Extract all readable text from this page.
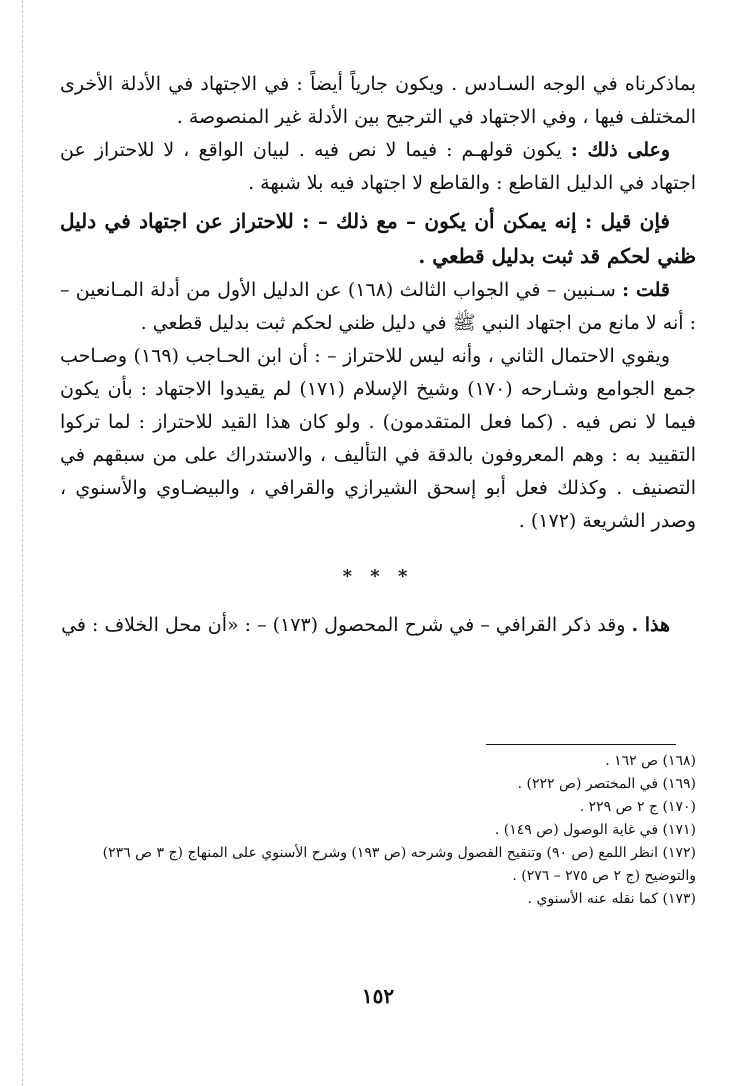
بماذكرناه في الوجه السـادس . ويكون جارياً أيضاً : في الاجتهاد في الأدلة الأخرى المختلف فيها ، وفي الاجتهاد في الترجيح بين الأدلة غير المنصوصة .

وعلى ذلك : يكون قولهـم : فيما لا نص فيه . لبيان الواقع ، لا للاحتراز عن اجتهاد في الدليل القاطع : والقاطع لا اجتهاد فيه بلا شبهة .

فإن قيل : إنه يمكن أن يكون – مع ذلك – : للاحتراز عن اجتهاد في دليل ظني لحكم قد ثبت بدليل قطعي .

قلت : سـنبين – في الجواب الثالث (١٦٨) عن الدليل الأول من أدلة المـانعين – : أنه لا مانع من اجتهاد النبي ﷺ في دليل ظني لحكم ثبت بدليل قطعي .

ويقوي الاحتمال الثاني ، وأنه ليس للاحتراز – : أن ابن الحـاجب (١٦٩) وصـاحب جمع الجوامع وشـارحه (١٧٠) وشيخ الإسلام (١٧١) لم يقيدوا الاجتهاد : بأن يكون فيما لا نص فيه . (كما فعل المتقدمون) . ولو كان هذا القيد للاحتراز : لما تركوا التقييد به : وهم المعروفون بالدقة في التأليف ، والاستدراك على من سبقهم في التصنيف . وكذلك فعل أبو إسحق الشيرازي والقرافي ، والبيضـاوي والأسنوي ، وصدر الشريعة (١٧٢) .

* * *

هذا . وقد ذكر القرافي – في شرح المحصول (١٧٣) – : «أن محل الخلاف : في

(١٦٨) ص ١٦٢ .

(١٦٩) في المختصر (ص ٢٢٢) .

(١٧٠) ج ٢ ص ٢٢٩ .

(١٧١) في غاية الوصول (ص ١٤٩) .

(١٧٢) انظر اللمع (ص ٩٠) وتنقيح الفصول وشرحه (ص ١٩٣) وشرح الأسنوي على المنهاج (ج ٣ ص ٢٣٦) والتوضيح (ج ٢ ص ٢٧٥ – ٢٧٦) .

(١٧٣) كما نقله عنه الأسنوي .

١٥٢
